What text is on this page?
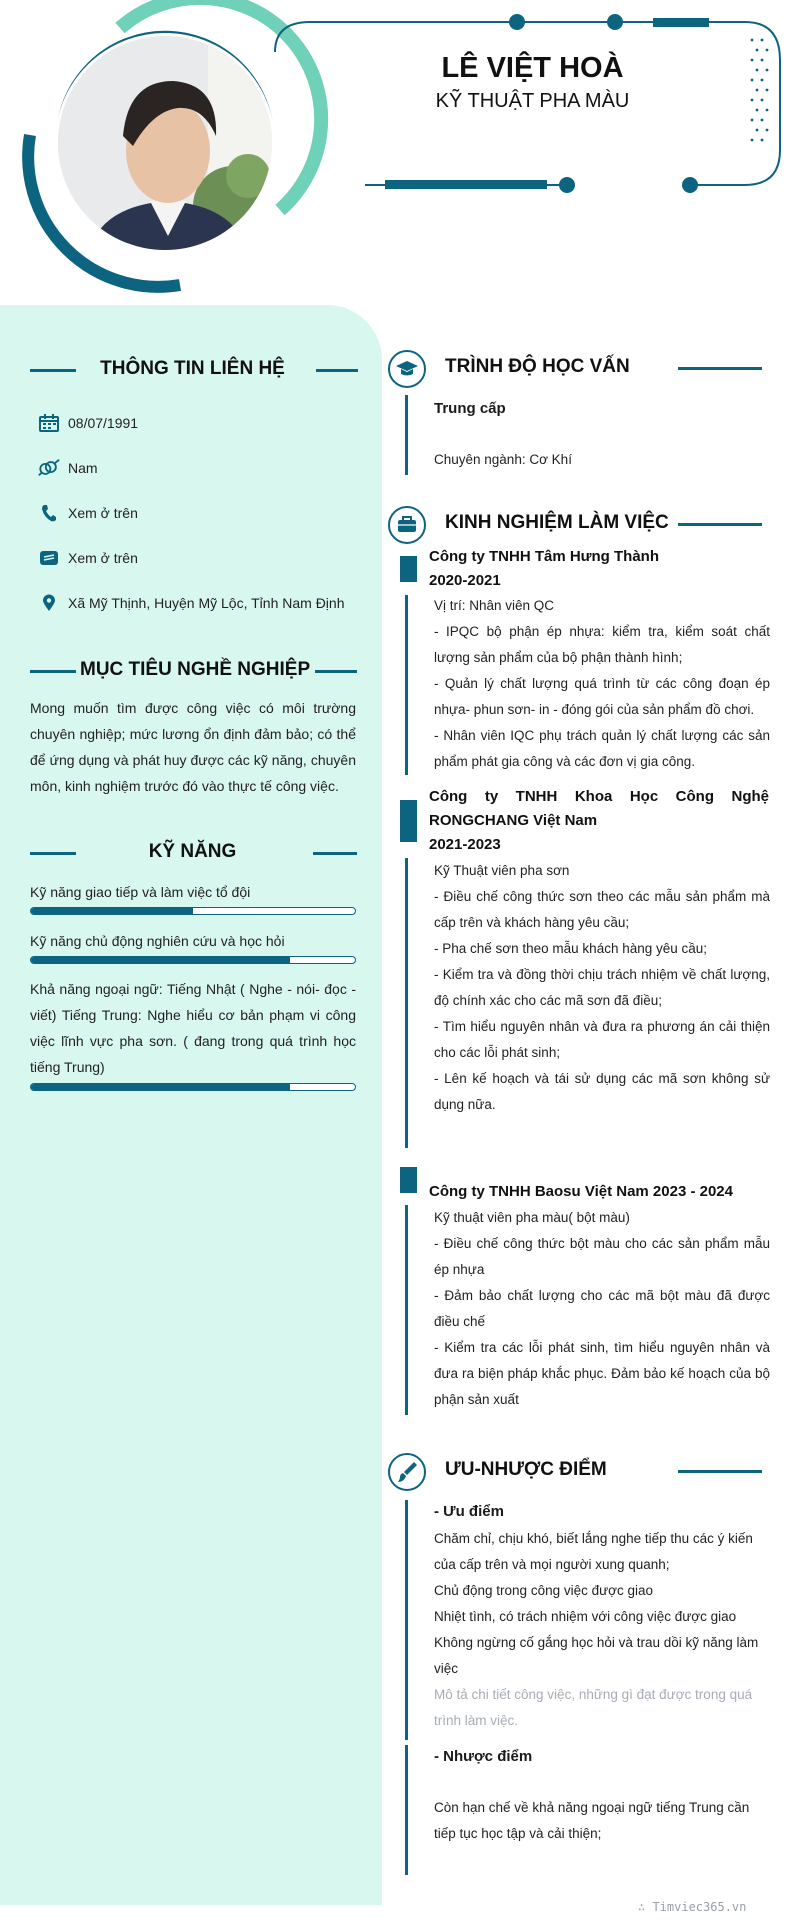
LÊ VIỆT HOÀ
KỸ THUẬT PHA MÀU
THÔNG TIN LIÊN HỆ
08/07/1991
Nam
Xem ở trên
Xem ở trên
Xã Mỹ Thịnh, Huyện Mỹ Lộc, Tỉnh Nam Định
MỤC TIÊU NGHỀ NGHIỆP
Mong muốn tìm được công việc có môi trường chuyên nghiệp; mức lương ổn định đảm bảo; có thể để ứng dụng và phát huy được các kỹ năng, chuyên môn, kinh nghiệm trước đó vào thực tế công việc.
KỸ NĂNG
Kỹ năng giao tiếp và làm việc tổ đội
Kỹ năng chủ động nghiên cứu và học hỏi
Khả năng ngoại ngữ: Tiếng Nhật ( Nghe - nói- đọc - viết) Tiếng Trung: Nghe hiểu cơ bản phạm vi công việc lĩnh vực pha sơn. ( đang trong quá trình học tiếng Trung)
TRÌNH ĐỘ HỌC VẤN
Trung cấp
Chuyên ngành: Cơ Khí
KINH NGHIỆM LÀM VIỆC
Công ty TNHH Tâm Hưng Thành
2020-2021
Vị trí: Nhân viên QC
- IPQC bộ phận ép nhựa: kiểm tra, kiểm soát chất lượng sản phẩm của bộ phận thành hình;
- Quản lý chất lượng quá trình từ các công đoạn ép nhựa- phun sơn- in - đóng gói của sản phẩm đồ chơi.
- Nhân viên IQC phụ trách quản lý chất lượng các sản phẩm phát gia công và các đơn vị gia công.
Công ty TNHH Khoa Học Công Nghệ RONGCHANG Việt Nam
2021-2023
Kỹ Thuật viên pha sơn
- Điều chế công thức sơn theo các mẫu sản phẩm mà cấp trên và khách hàng yêu cầu;
- Pha chế sơn theo mẫu khách hàng yêu cầu;
- Kiểm tra và đồng thời chịu trách nhiệm về chất lượng, độ chính xác cho các mã sơn đã điều;
- Tìm hiểu nguyên nhân và đưa ra phương án cải thiện cho các lỗi phát sinh;
- Lên kế hoạch và tái sử dụng các mã sơn không sử dụng nữa.
Công ty TNHH Baosu Việt Nam 2023 - 2024
Kỹ thuật viên pha màu( bột màu)
- Điều chế công thức bột màu cho các sản phẩm mẫu ép nhựa
- Đảm bảo chất lượng cho các mã bột màu đã được điều chế
- Kiểm tra các lỗi phát sinh, tìm hiểu nguyên nhân và đưa ra biện pháp khắc phục. Đảm bảo kế hoạch của bộ phận sản xuất
ƯU-NHƯỢC ĐIỂM
- Ưu điểm
Chăm chỉ, chịu khó, biết lắng nghe tiếp thu các ý kiến của cấp trên và mọi người xung quanh;
Chủ động trong công việc được giao
Nhiệt tình, có trách nhiệm với công việc được giao
Không ngừng cố gắng học hỏi và trau dồi kỹ năng làm việc
Mô tả chi tiết công việc, những gì đạt được trong quá trình làm việc.
- Nhược điểm
Còn hạn chế về khả năng ngoại ngữ tiếng Trung cần tiếp tục học tập và cải thiện;
∴ Timviec365.vn
